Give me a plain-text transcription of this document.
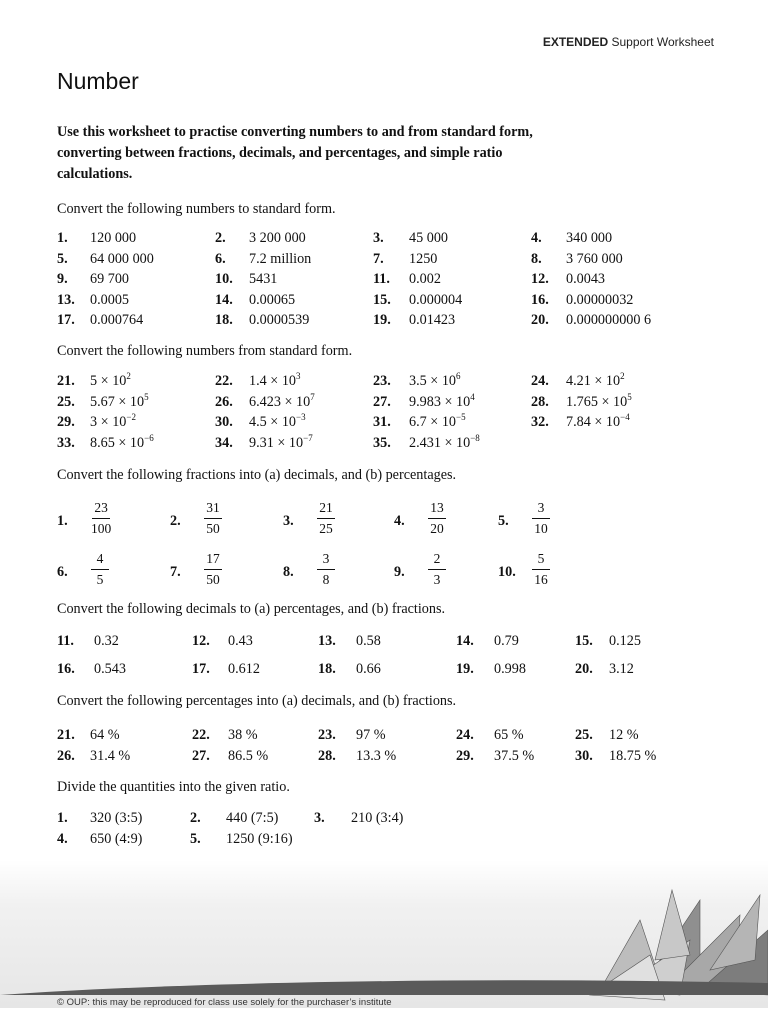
EXTENDED Support Worksheet
Number
Use this worksheet to practise converting numbers to and from standard form, converting between fractions, decimals, and percentages, and simple ratio calculations.
Convert the following numbers to standard form.
1. 120 000	2. 3 200 000	3. 45 000	4. 340 000
5. 64 000 000	6. 7.2 million	7. 1250	8. 3 760 000
9. 69 700	10. 5431	11. 0.002	12. 0.0043
13. 0.0005	14. 0.00065	15. 0.000004	16. 0.00000032
17. 0.000764	18. 0.0000539	19. 0.01423	20. 0.000000000 6
Convert the following numbers from standard form.
21. $5 \times 10^2$	22. $1.4 \times 10^3$	23. $3.5 \times 10^6$	24. $4.21 \times 10^2$
25. $5.67 \times 10^5$	26. $6.423 \times 10^7$	27. $9.983 \times 10^4$	28. $1.765 \times 10^5$
29. $3 \times 10^{-2}$	30. $4.5 \times 10^{-3}$	31. $6.7 \times 10^{-5}$	32. $7.84 \times 10^{-4}$
33. $8.65 \times 10^{-6}$	34. $9.31 \times 10^{-7}$	35. $2.431 \times 10^{-8}$
Convert the following fractions into (a) decimals, and (b) percentages.
1. $\frac{23}{100}$	2. $\frac{31}{50}$	3. $\frac{21}{25}$	4. $\frac{13}{20}$	5. $\frac{3}{10}$
6. $\frac{4}{5}$	7. $\frac{17}{50}$	8. $\frac{3}{8}$	9. $\frac{2}{3}$	10. $\frac{5}{16}$
Convert the following decimals to (a) percentages, and (b) fractions.
11. 0.32	12. 0.43	13. 0.58	14. 0.79	15. 0.125
16. 0.543	17. 0.612	18. 0.66	19. 0.998	20. 3.12
Convert the following percentages into (a) decimals, and (b) fractions.
21. 64 %	22. 38 %	23. 97 %	24. 65 %	25. 12 %
26. 31.4 %	27. 86.5 %	28. 13.3 %	29. 37.5 %	30. 18.75 %
Divide the quantities into the given ratio.
1. 320 (3:5)	2. 440 (7:5)	3. 210 (3:4)
4. 650 (4:9)	5. 1250 (9:16)
© OUP: this may be reproduced for class use solely for the purchaser’s institute
